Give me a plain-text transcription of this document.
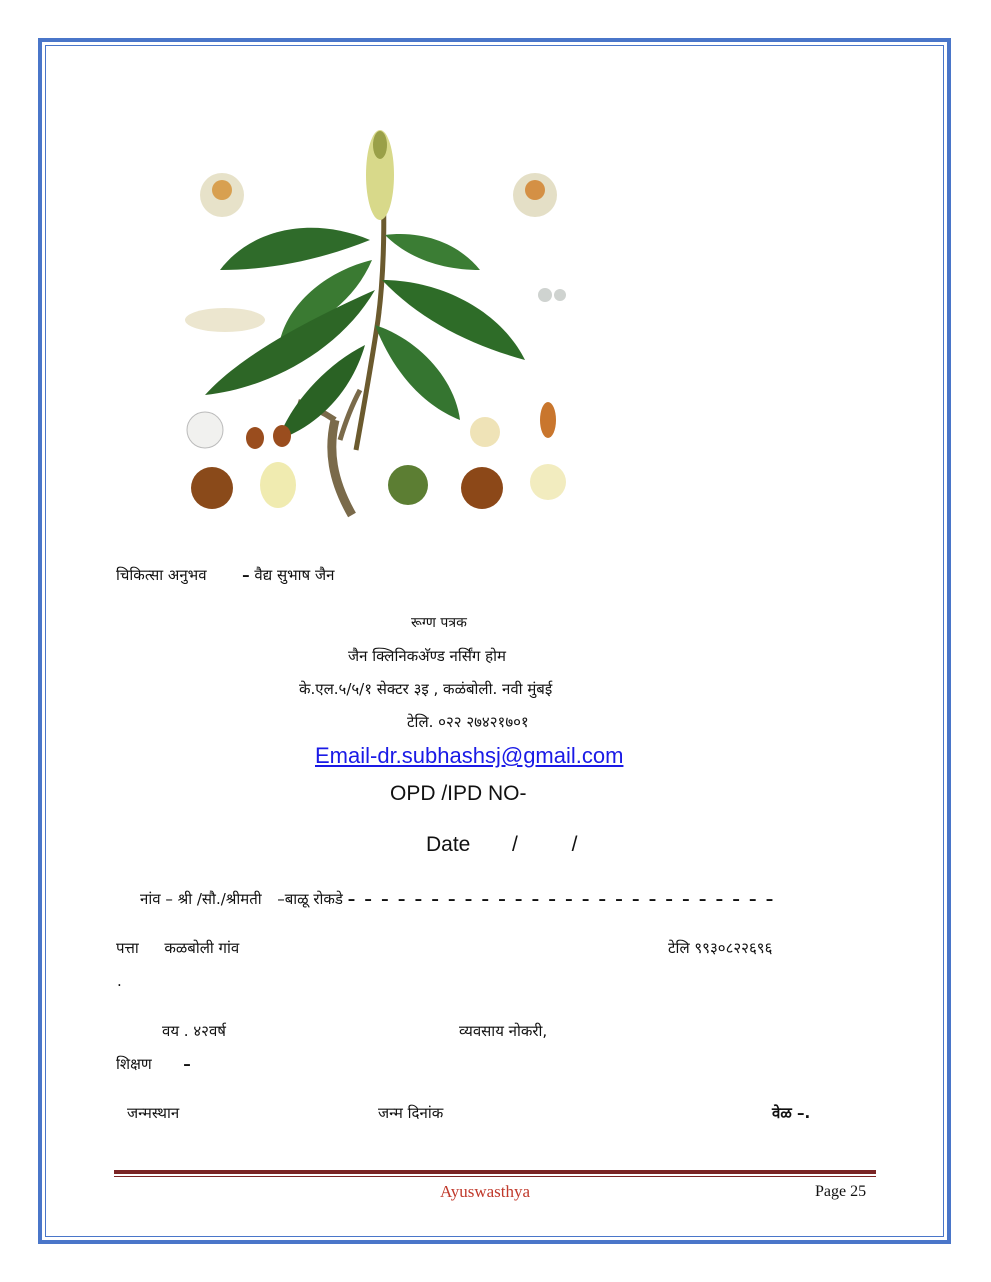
चिकित्सा अनुभव – वैद्य सुभाष जैन
रूग्ण पत्रक
जैन क्लिनिकअ‍ॅण्ड नर्सिंग होम
के.एल.५/५/१ सेक्टर ३इ , कळंबोली. नवी मुंबई
टेलि. ०२२ २७४२१७०१
Email-dr.subhashsj@gmail.com
OPD /IPD NO-
Date /	/
नांव – श्री /सौ./श्रीमती –बाळू रोकडे – – – – – – – – – – – – – – – – – – – – – – – – – –
पत्ता कळबोली गांव	टेलि ९९३०८२२६९६
.
वय . ४२वर्ष	व्यवसाय नोकरी,
शिक्षण –
जन्मस्थान	जन्म दिनांक	वेळ –.
Ayuswasthya	Page 25
